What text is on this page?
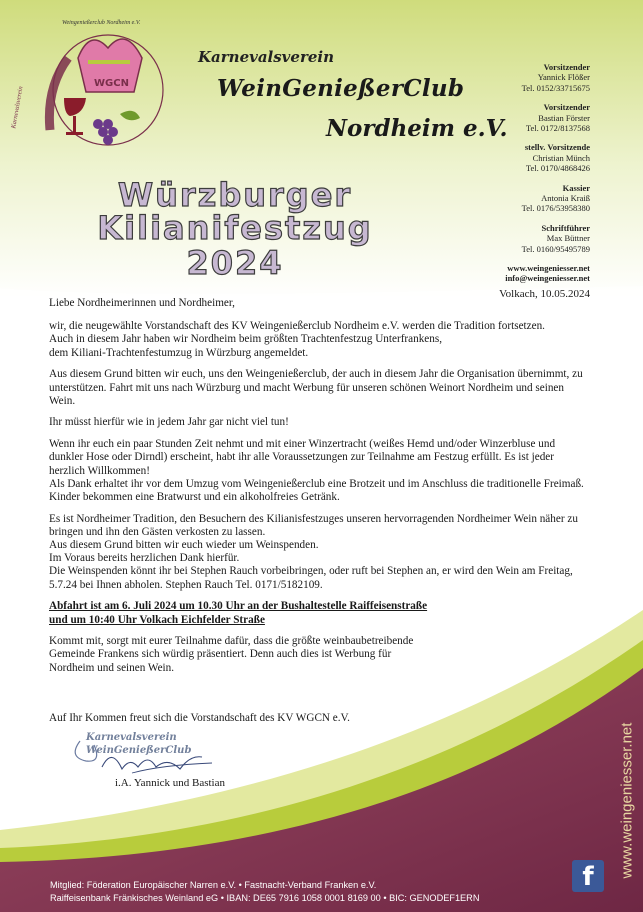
WGCN
Weingenießerclub Nordheim e.V.
Karnevalsverein
Karnevalsverein
WeinGenießerClub
Nordheim e.V.
Würzburger
Kilianifestzug
2024
Vorsitzender
Yannick Flößer
Tel. 0152/33715675
Vorsitzender
Bastian Förster
Tel. 0172/8137568
stellv. Vorsitzende
Christian Münch
Tel. 0170/4868426
Kassier
Antonia Kraiß
Tel. 0176/53958380
Schriftführer
Max Büttner
Tel. 0160/95495789
www.weingeniesser.net
info@weingeniesser.net
Volkach, 10.05.2024

Liebe Nordheimerinnen und Nordheimer,

wir, die neugewählte Vorstandschaft des KV Weingenießerclub Nordheim e.V. werden die Tradition fortsetzen.
Auch in diesem Jahr haben wir Nordheim beim größten Trachtenfestzug Unterfrankens,
dem Kiliani-Trachtenfestumzug in Würzburg angemeldet.

Aus diesem Grund bitten wir euch, uns den Weingenießerclub, der auch in diesem Jahr die Organisation übernimmt, zu unterstützen. Fahrt mit uns nach Würzburg und macht Werbung für unseren schönen Weinort Nordheim und seinen Wein.

Ihr müsst hierfür wie in jedem Jahr gar nicht viel tun!

Wenn ihr euch ein paar Stunden Zeit nehmt und mit einer Winzertracht (weißes Hemd und/oder Winzerbluse und dunkler Hose oder Dirndl) erscheint, habt ihr alle Voraussetzungen zur Teilnahme am Festzug erfüllt. Es ist jeder herzlich Willkommen!
Als Dank erhaltet ihr vor dem Umzug vom Weingenießerclub eine Brotzeit und im Anschluss die traditionelle Freimaß. Kinder bekommen eine Bratwurst und ein alkoholfreies Getränk.

Es ist Nordheimer Tradition, den Besuchern des Kilianisfestzuges unseren hervorragenden Nordheimer Wein näher zu bringen und ihn den Gästen verkosten zu lassen.
Aus diesem Grund bitten wir euch wieder um Weinspenden.
Im Voraus bereits herzlichen Dank hierfür.
Die Weinspenden könnt ihr bei Stephen Rauch vorbeibringen, oder ruft bei Stephen an, er wird den Wein am Freitag, 5.7.24 bei Ihnen abholen. Stephen Rauch Tel. 0171/5182109.

Abfahrt ist am 6. Juli 2024 um 10.30 Uhr an der Bushaltestelle Raiffeisenstraße
und um 10:40 Uhr Volkach Eichfelder Straße

Kommt mit, sorgt mit eurer Teilnahme dafür, dass die größte weinbaubetreibende
Gemeinde Frankens sich würdig präsentiert. Denn auch dies ist Werbung für
Nordheim und seinen Wein.

Auf Ihr Kommen freut sich die Vorstandschaft des KV WGCN e.V.
Karnevalsverein
WeinGenießerClub
i.A. Yannick und Bastian	www.weingeniesser.net
Mitglied: Föderation Europäischer Narren e.V. • Fastnacht-Verband Franken e.V.
Raiffeisenbank Fränkisches Weinland eG • IBAN: DE65 7916 1058 0001 8169 00 • BIC: GENODEF1ERN
f
